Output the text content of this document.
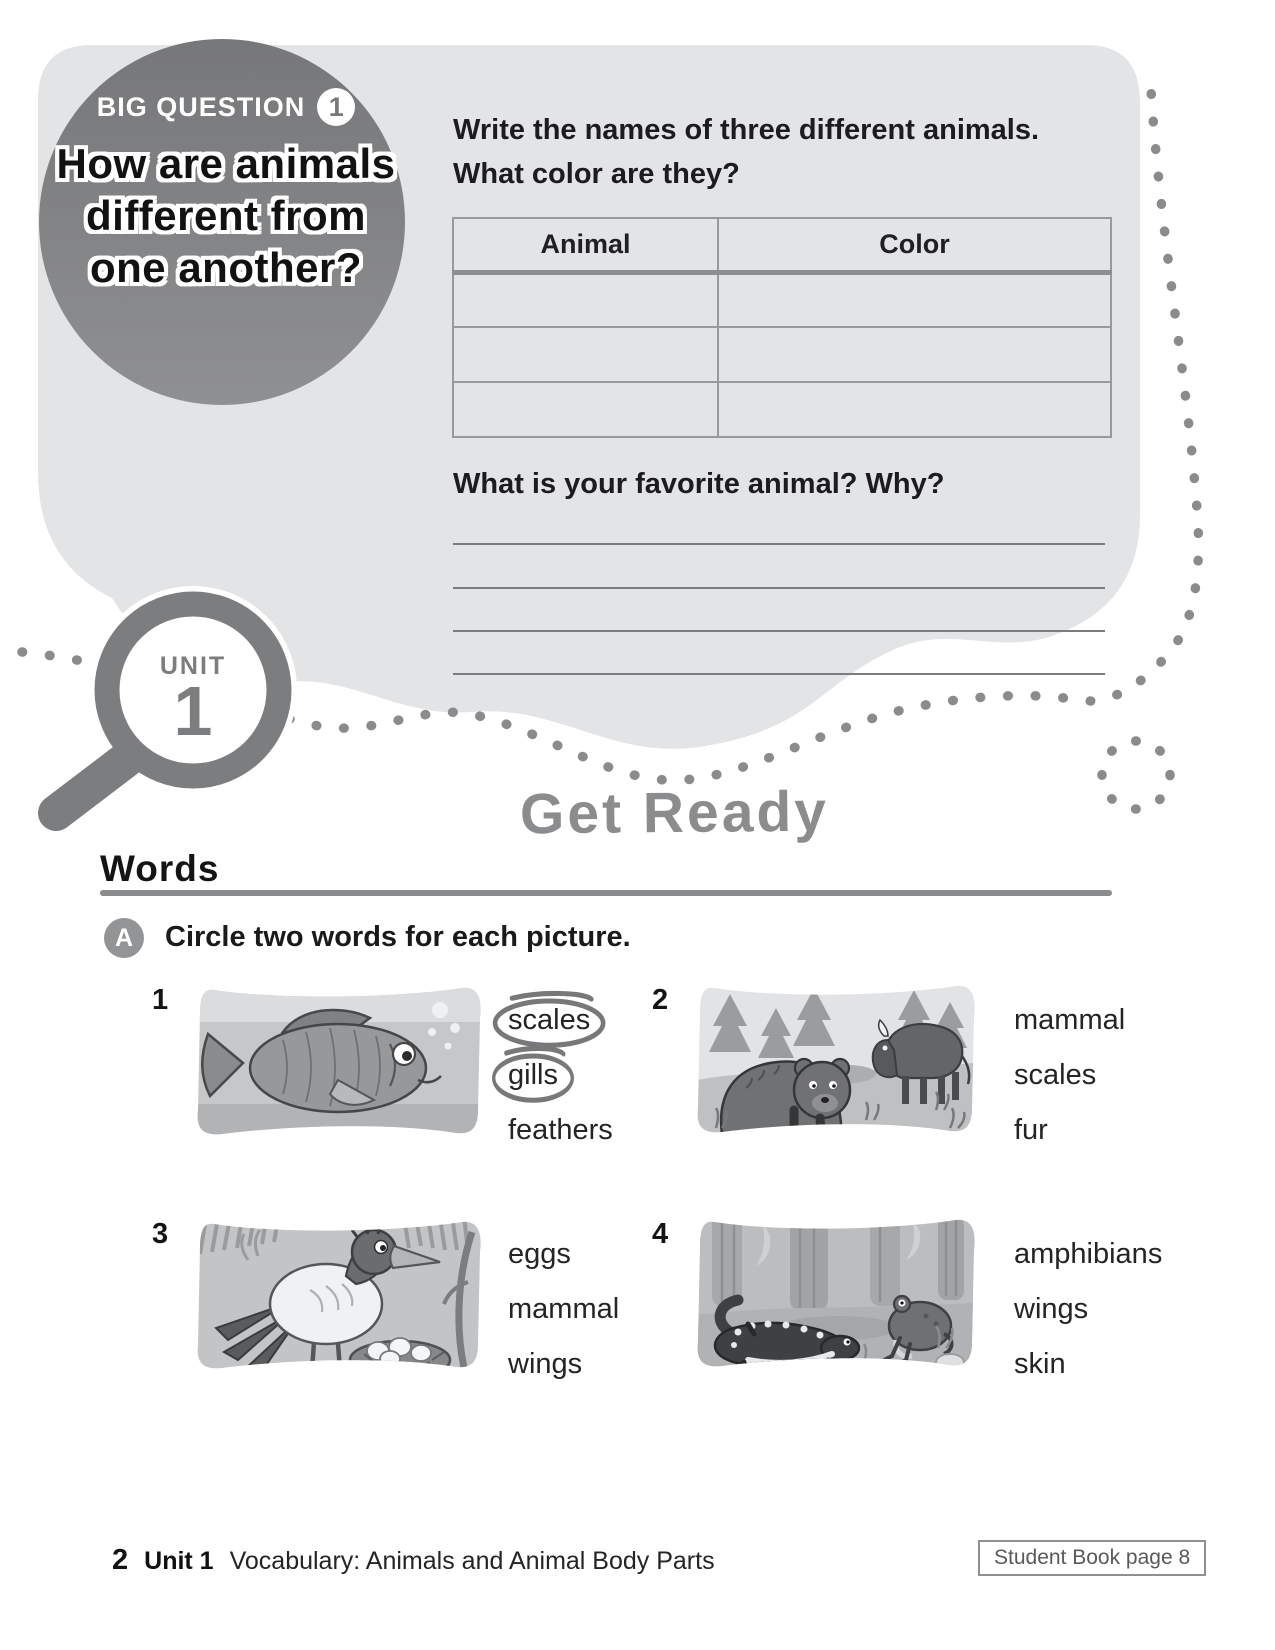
BIG QUESTION 1
How are animals different from one another?
Write the names of three different animals.
What color are they?
Animal	Color

What is your favorite animal? Why?
UNIT
1
Get Ready
Words
A	Circle two words for each picture.
1
scales
gills
feathers
2
mammal
scales
fur
3
eggs
mammal
wings
4
amphibians
wings
skin
2 Unit 1 Vocabulary: Animals and Animal Body Parts	Student Book page 8
